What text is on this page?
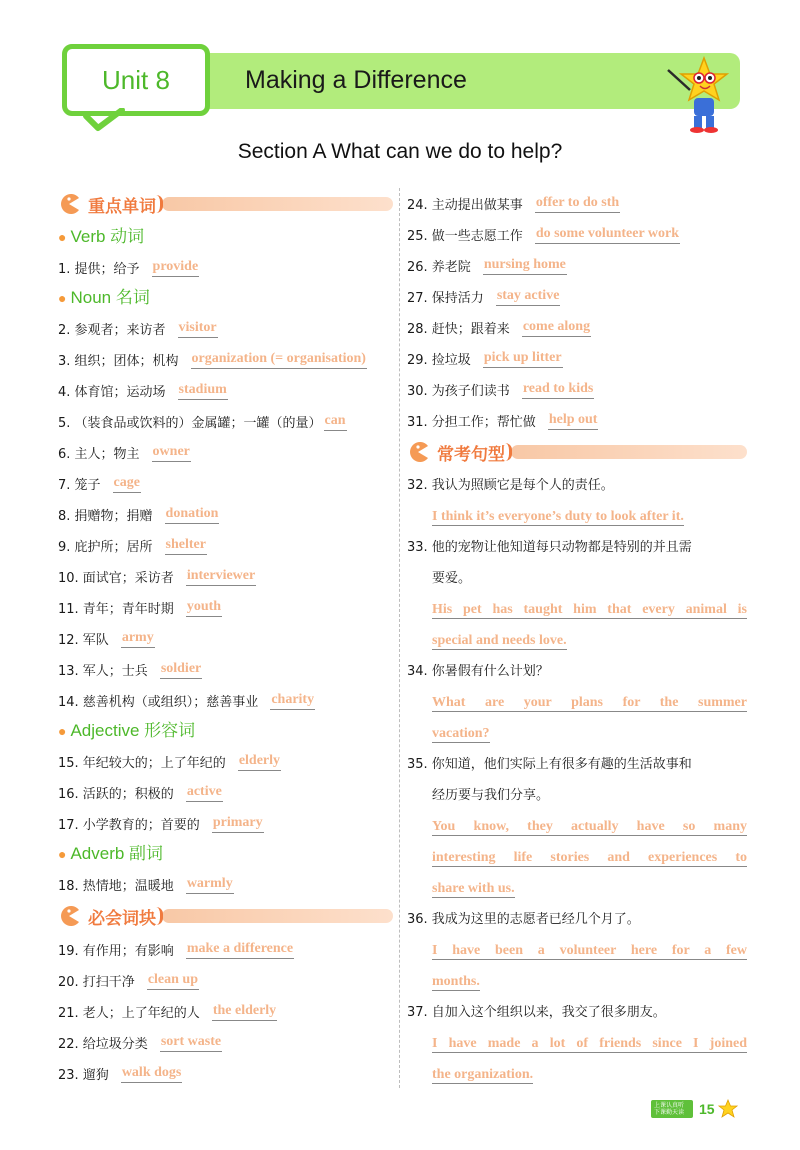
Unit 8	Making a Difference
Section A What can we do to help?
重点单词
● Verb 动词
1. 提供；给予 provide
● Noun 名词
2. 参观者；来访者 visitor
3. 组织；团体；机构 organization (= organisation)
4. 体育馆；运动场 stadium
5. （装食品或饮料的）金属罐；一罐（的量） can
6. 主人；物主 owner
7. 笼子 cage
8. 捐赠物；捐赠 donation
9. 庇护所；居所 shelter
10. 面试官；采访者 interviewer
11. 青年；青年时期 youth
12. 军队 army
13. 军人；士兵 soldier
14. 慈善机构（或组织）；慈善事业 charity
● Adjective 形容词
15. 年纪较大的；上了年纪的 elderly
16. 活跃的；积极的 active
17. 小学教育的；首要的 primary
● Adverb 副词
18. 热情地；温暖地 warmly
必会词块
19. 有作用；有影响 make a difference
20. 打扫干净 clean up
21. 老人；上了年纪的人 the elderly
22. 给垃圾分类 sort waste
23. 遛狗 walk dogs
24. 主动提出做某事 offer to do sth
25. 做一些志愿工作 do some volunteer work
26. 养老院 nursing home
27. 保持活力 stay active
28. 赶快；跟着来 come along
29. 捡垃圾 pick up litter
30. 为孩子们读书 read to kids
31. 分担工作；帮忙做 help out
常考句型
32. 我认为照顾它是每个人的责任。
I think it’s everyone’s duty to look after it.
33. 他的宠物让他知道每只动物都是特别的并且需
要爱。
His pet has taught him that every animal is
special and needs love.
34. 你暑假有什么计划？
What are your plans for the summer
vacation?
35. 你知道，他们实际上有很多有趣的生活故事和
经历要与我们分享。
You know, they actually have so many
interesting life stories and experiences to
share with us.
36. 我成为这里的志愿者已经几个月了。
I have been a volunteer here for a few
months.
37. 自加入这个组织以来，我交了很多朋友。
I have made a lot of friends since I joined
the organization.
上课认真听 下课勤天读	15
